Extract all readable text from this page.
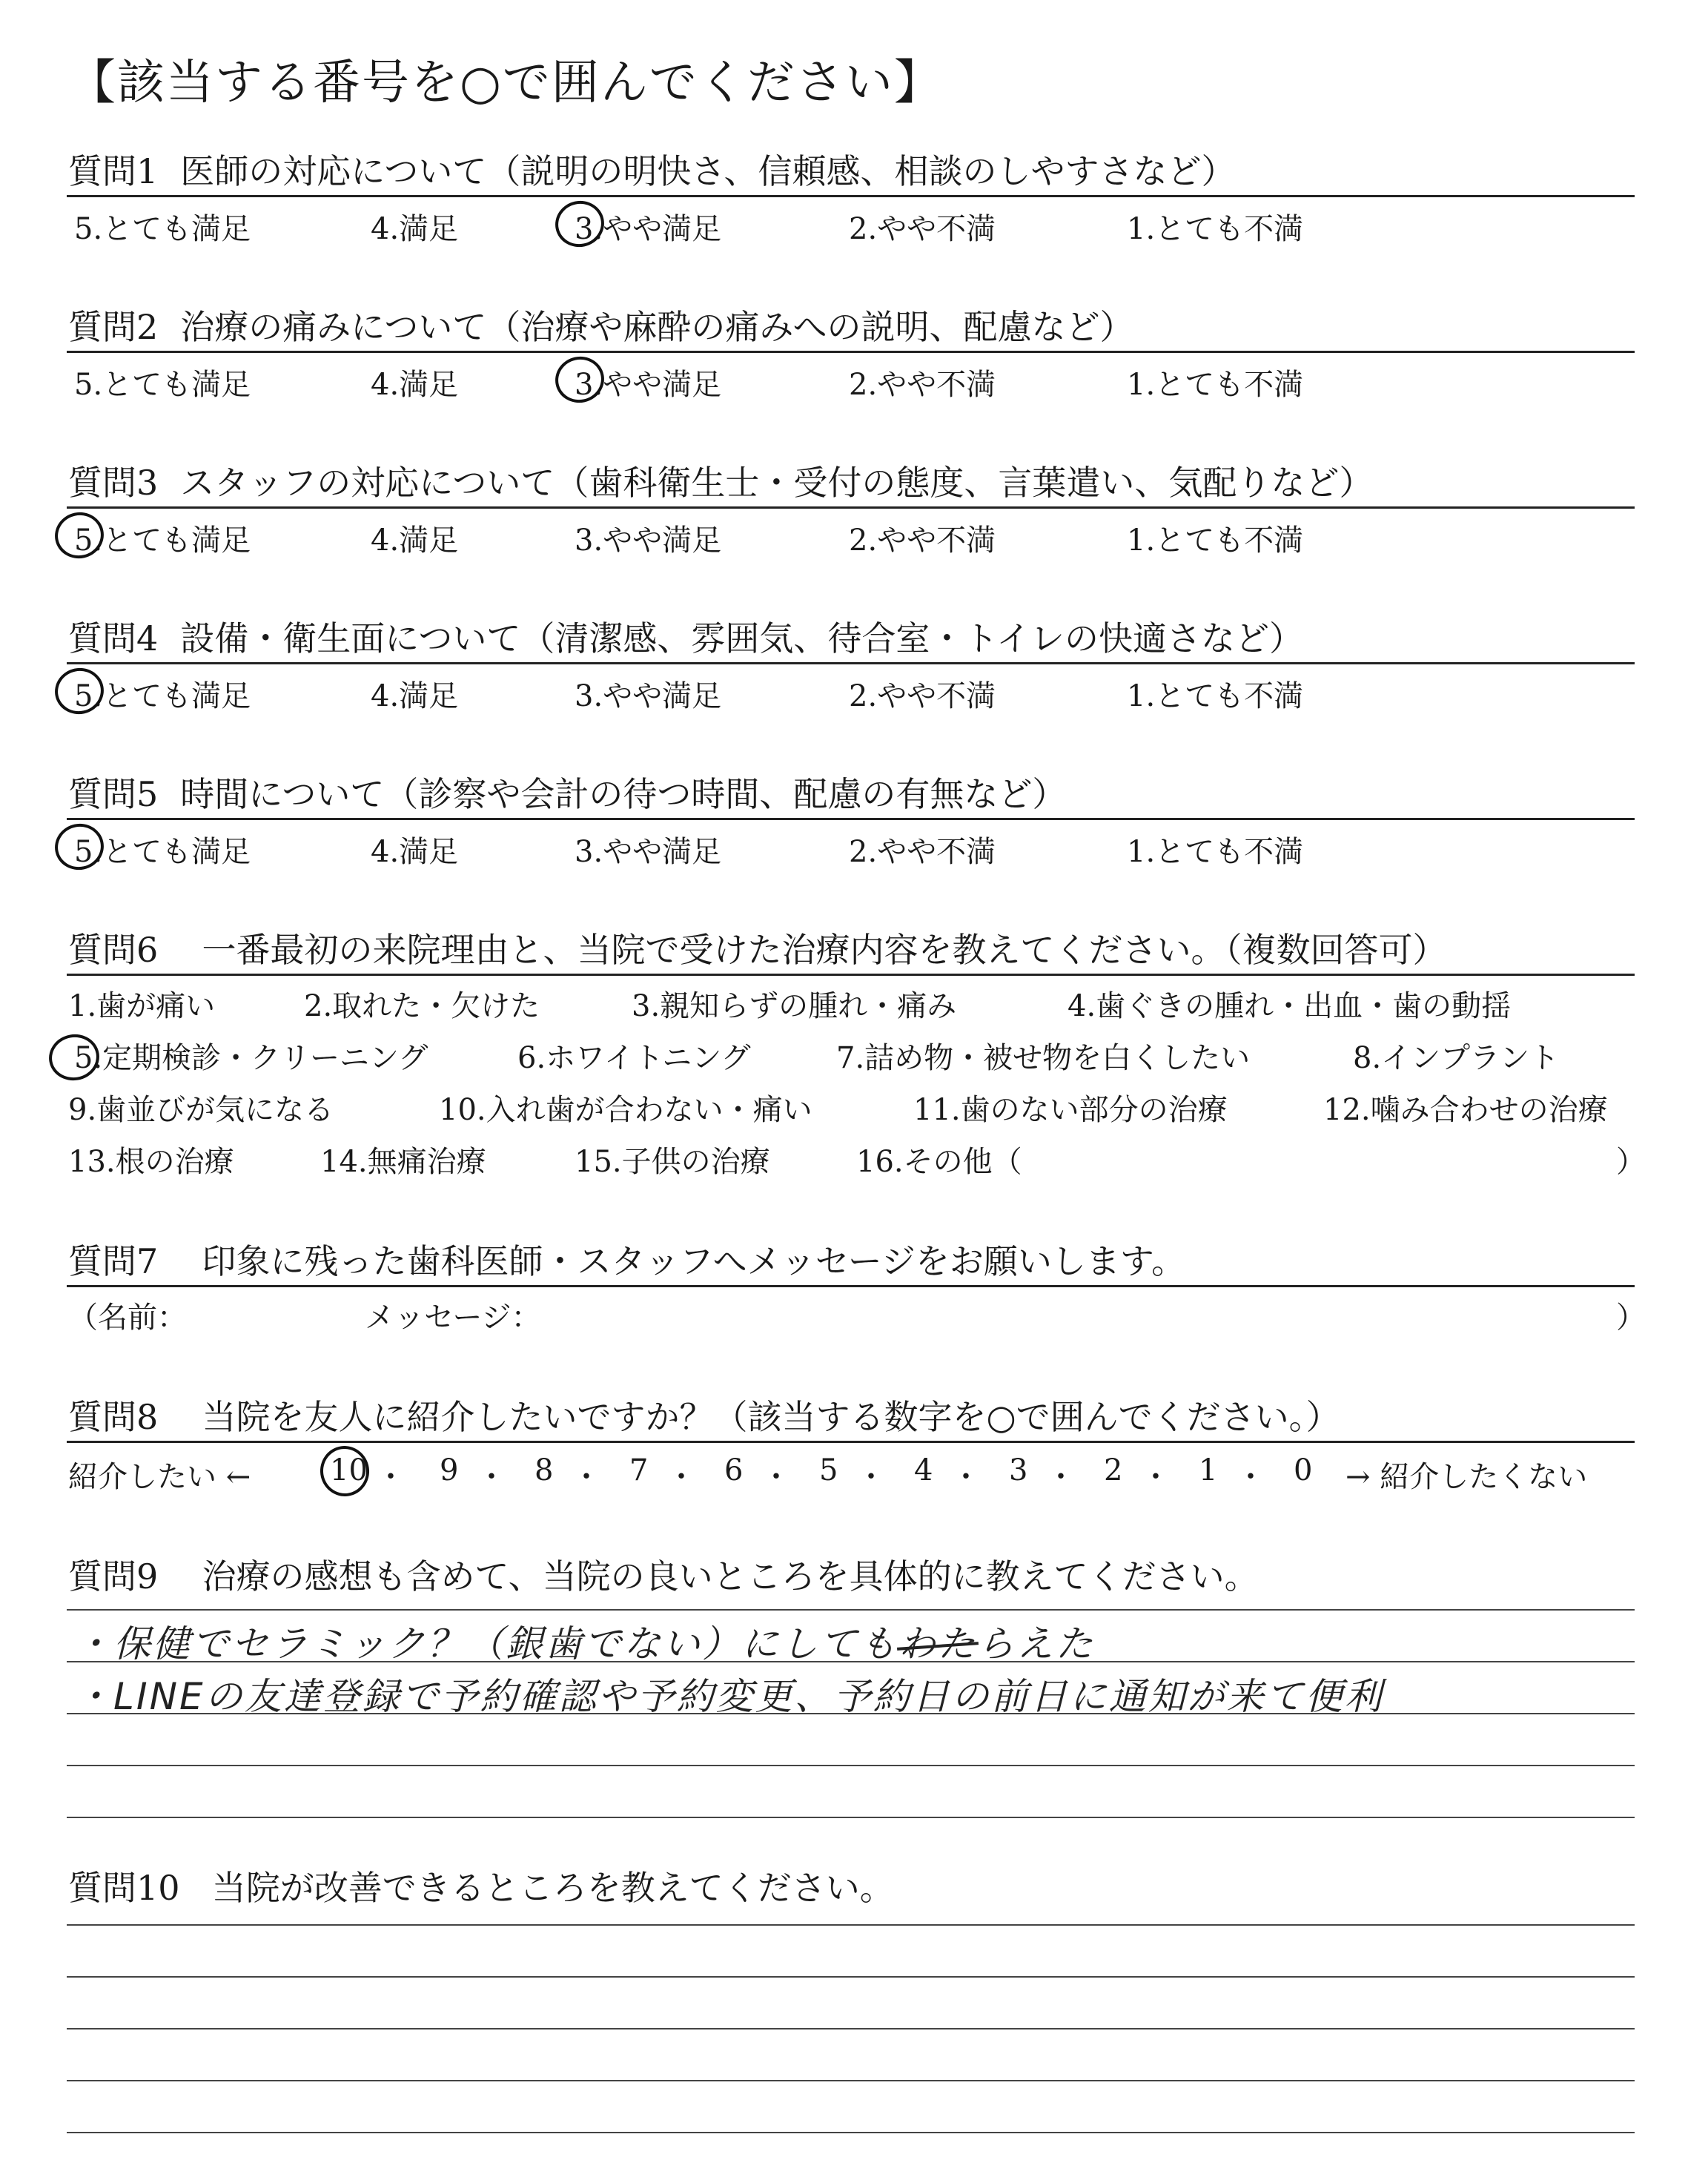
【該当する番号を○で囲んでください】
質問1 医師の対応について（説明の明快さ、信頼感、相談のしやすさなど）
5.とても満足	4.満足	3.やや満足	2.やや不満	1.とても不満
質問2 治療の痛みについて（治療や麻酔の痛みへの説明、配慮など）
5.とても満足	4.満足	3.やや満足	2.やや不満	1.とても不満
質問3 スタッフの対応について（歯科衛生士・受付の態度、言葉遣い、気配りなど）
5.とても満足	4.満足	3.やや満足	2.やや不満	1.とても不満
質問4 設備・衛生面について（清潔感、雰囲気、待合室・トイレの快適さなど）
5.とても満足	4.満足	3.やや満足	2.やや不満	1.とても不満
質問5 時間について（診察や会計の待つ時間、配慮の有無など）
5.とても満足	4.満足	3.やや満足	2.やや不満	1.とても不満
質問6 一番最初の来院理由と、当院で受けた治療内容を教えてください。（複数回答可）
1.歯が痛い	2.取れた・欠けた	3.親知らずの腫れ・痛み	4.歯ぐきの腫れ・出血・歯の動揺
5.定期検診・クリーニング	6.ホワイトニング	7.詰め物・被せ物を白くしたい	8.インプラント
9.歯並びが気になる	10.入れ歯が合わない・痛い	11.歯のない部分の治療	12.噛み合わせの治療
13.根の治療	14.無痛治療	15.子供の治療	16.その他（	）
質問7 印象に残った歯科医師・スタッフへメッセージをお願いします。
（名前：	メッセージ：	）
質問8 当院を友人に紹介したいですか？（該当する数字を○で囲んでください。）
紹介したい ←	10 ・ 9 ・ 8 ・ 7 ・ 6 ・ 5 ・ 4 ・ 3 ・ 2 ・ 1 ・ 0 → 紹介したくない
質問9 治療の感想も含めて、当院の良いところを具体的に教えてください。
・保健でセラミック？（銀歯でない）にしてもわたらえた
・LINEの友達登録で予約確認や予約変更、予約日の前日に通知が来て便利
質問10 当院が改善できるところを教えてください。
